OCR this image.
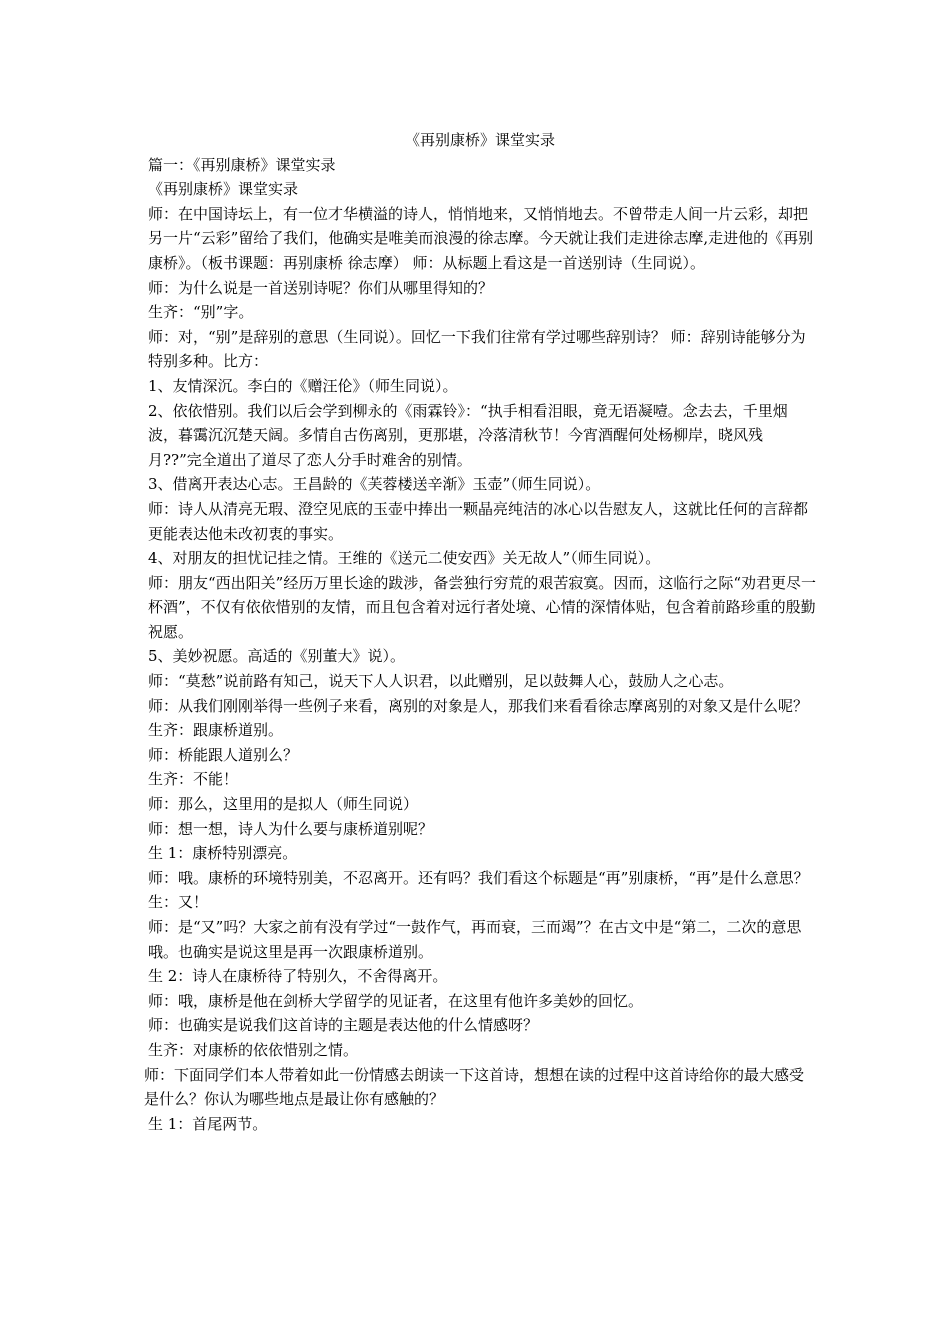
《再别康桥》课堂实录

篇一：《再别康桥》课堂实录

《再别康桥》课堂实录

师：在中国诗坛上，有一位才华横溢的诗人，悄悄地来，又悄悄地去。不曾带走人间一片云彩，却把另一片“云彩”留给了我们，他确实是唯美而浪漫的徐志摩。今天就让我们走进徐志摩,走进他的《再别康桥》。（板书课题：再别康桥 徐志摩） 师：从标题上看这是一首送别诗（生同说）。

师：为什么说是一首送别诗呢？你们从哪里得知的？

生齐：“别”字。

师：对，“别”是辞别的意思（生同说）。回忆一下我们往常有学过哪些辞别诗？ 师：辞别诗能够分为特别多种。比方：

1、友情深沉。李白的《赠汪伦》（师生同说）。

2、依依惜别。我们以后会学到柳永的《雨霖铃》：“执手相看泪眼，竟无语凝噎。念去去，千里烟波，暮霭沉沉楚天阔。多情自古伤离别，更那堪，冷落清秋节！今宵酒醒何处杨柳岸，晓风残月??”完全道出了道尽了恋人分手时难舍的别情。

3、借离开表达心志。王昌龄的《芙蓉楼送辛渐》玉壶”（师生同说）。

师：诗人从清亮无瑕、澄空见底的玉壶中捧出一颗晶亮纯洁的冰心以告慰友人，这就比任何的言辞都更能表达他未改初衷的事实。

4、对朋友的担忧记挂之情。王维的《送元二使安西》关无故人”（师生同说）。

师：朋友“西出阳关”经历万里长途的跋涉，备尝独行穷荒的艰苦寂寞。因而，这临行之际“劝君更尽一杯酒”，不仅有依依惜别的友情，而且包含着对远行者处境、心情的深情体贴，包含着前路珍重的殷勤祝愿。

5、美妙祝愿。高适的《别董大》说）。

师：“莫愁”说前路有知己，说天下人人识君，以此赠别，足以鼓舞人心，鼓励人之心志。

师：从我们刚刚举得一些例子来看，离别的对象是人，那我们来看看徐志摩离别的对象又是什么呢？

生齐：跟康桥道别。

师：桥能跟人道别么？

生齐：不能！

师：那么，这里用的是拟人（师生同说）

师：想一想，诗人为什么要与康桥道别呢？

生 1：康桥特别漂亮。

师：哦。康桥的环境特别美，不忍离开。还有吗？我们看这个标题是“再”别康桥，“再”是什么意思？

生：又！

师：是“又”吗？大家之前有没有学过“一鼓作气，再而衰，三而竭”？在古文中是“第二，二次的意思哦。也确实是说这里是再一次跟康桥道别。

生 2：诗人在康桥待了特别久，不舍得离开。

师：哦，康桥是他在剑桥大学留学的见证者，在这里有他许多美妙的回忆。

师：也确实是说我们这首诗的主题是表达他的什么情感呀？

生齐：对康桥的依依惜别之情。

师：下面同学们本人带着如此一份情感去朗读一下这首诗，想想在读的过程中这首诗给你的最大感受是什么？你认为哪些地点是最让你有感触的？

生 1：首尾两节。
